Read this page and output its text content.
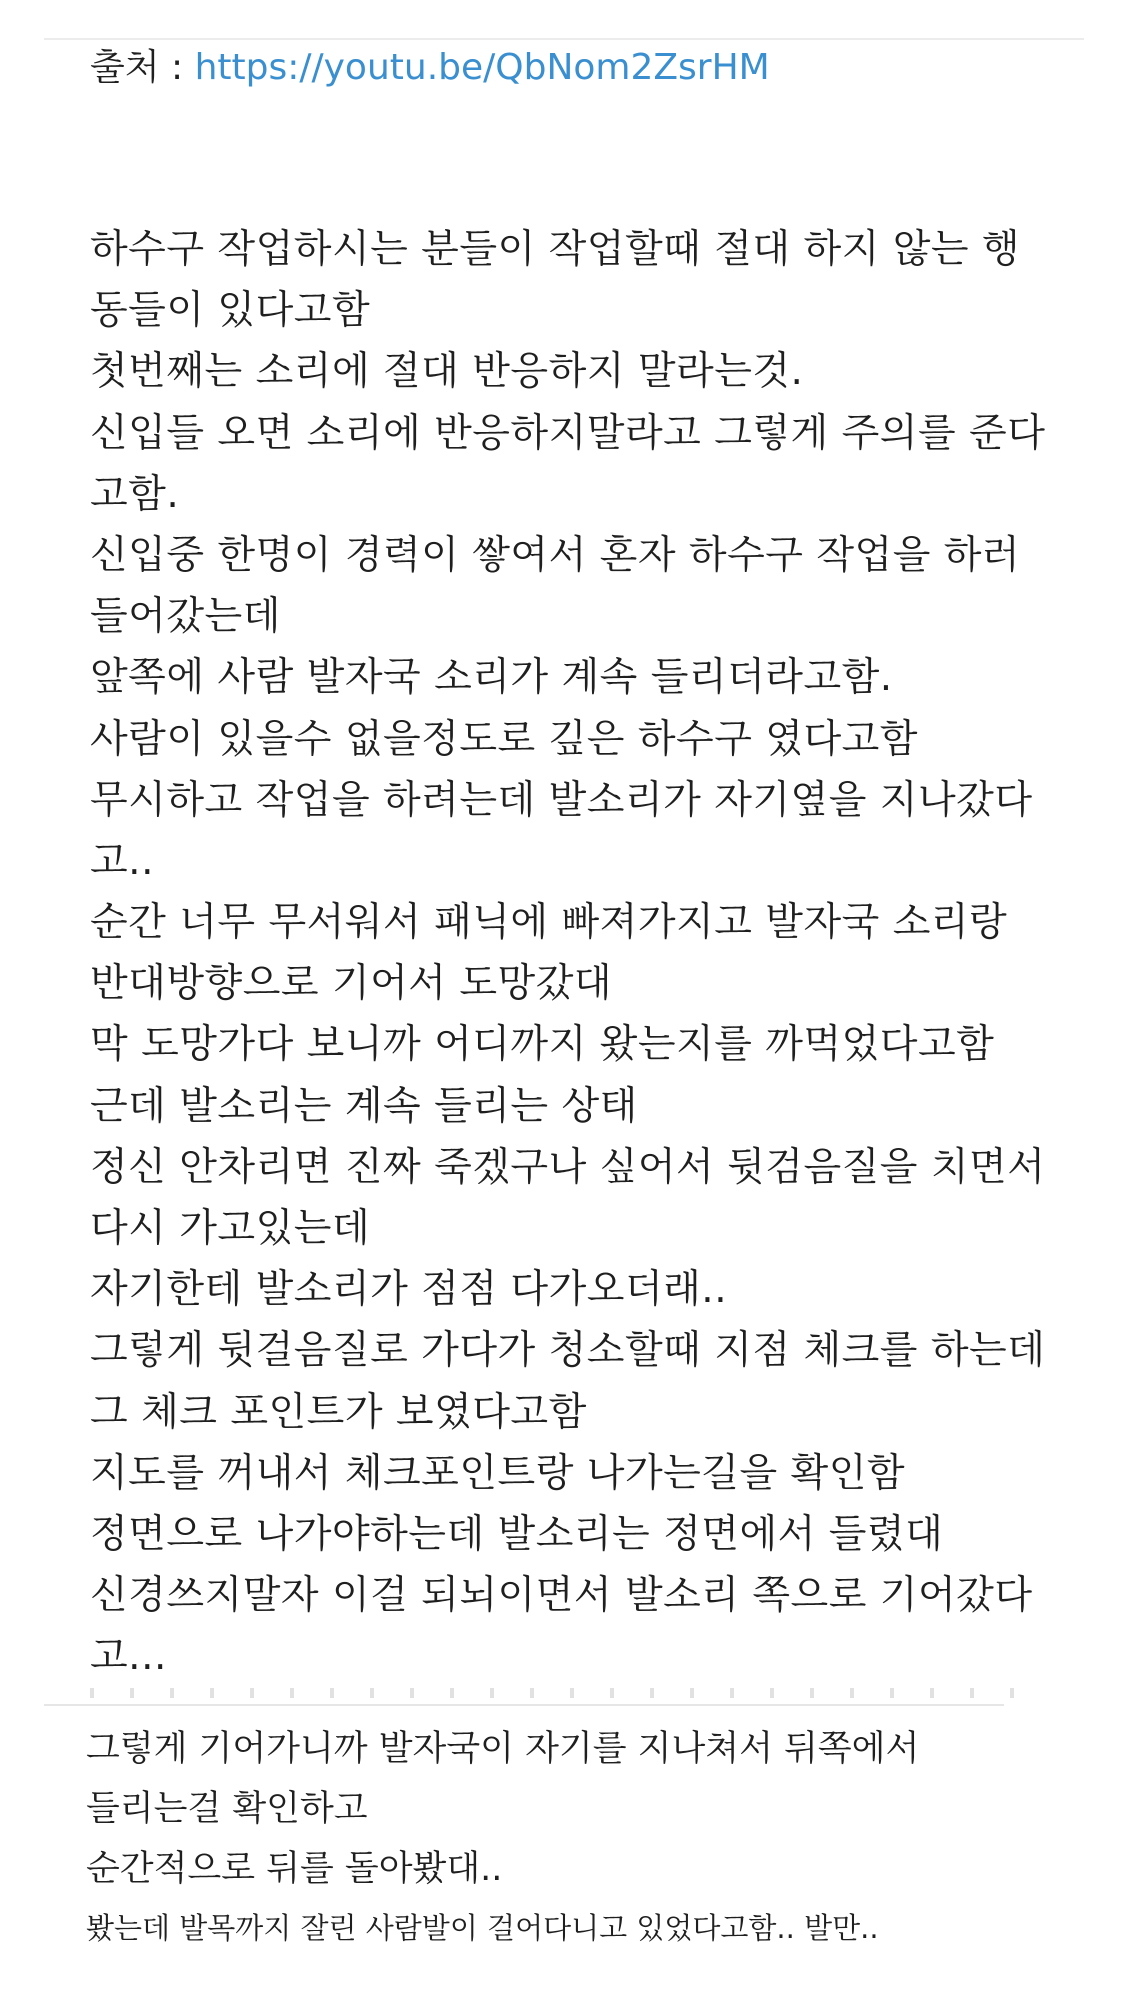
출처 : https://youtu.be/QbNom2ZsrHM
하수구 작업하시는 분들이 작업할때 절대 하지 않는 행
동들이 있다고함
첫번째는 소리에 절대 반응하지 말라는것.
신입들 오면 소리에 반응하지말라고 그렇게 주의를 준다
고함.
신입중 한명이 경력이 쌓여서 혼자 하수구 작업을 하러
들어갔는데
앞쪽에 사람 발자국 소리가 계속 들리더라고함.
사람이 있을수 없을정도로 깊은 하수구 였다고함
무시하고 작업을 하려는데 발소리가 자기옆을 지나갔다
고..
순간 너무 무서워서 패닉에 빠져가지고 발자국 소리랑
반대방향으로 기어서 도망갔대
막 도망가다 보니까 어디까지 왔는지를 까먹었다고함
근데 발소리는 계속 들리는 상태
정신 안차리면 진짜 죽겠구나 싶어서 뒷검음질을 치면서
다시 가고있는데
자기한테 발소리가 점점 다가오더래..
그렇게 뒷걸음질로 가다가 청소할때 지점 체크를 하는데
그 체크 포인트가 보였다고함
지도를 꺼내서 체크포인트랑 나가는길을 확인함
정면으로 나가야하는데 발소리는 정면에서 들렸대
신경쓰지말자 이걸 되뇌이면서 발소리 쪽으로 기어갔다
고...
그렇게 기어가니까 발자국이 자기를 지나쳐서 뒤쪽에서
들리는걸 확인하고
순간적으로 뒤를 돌아봤대..
봤는데 발목까지 잘린 사람발이 걸어다니고 있었다고함.. 발만..
